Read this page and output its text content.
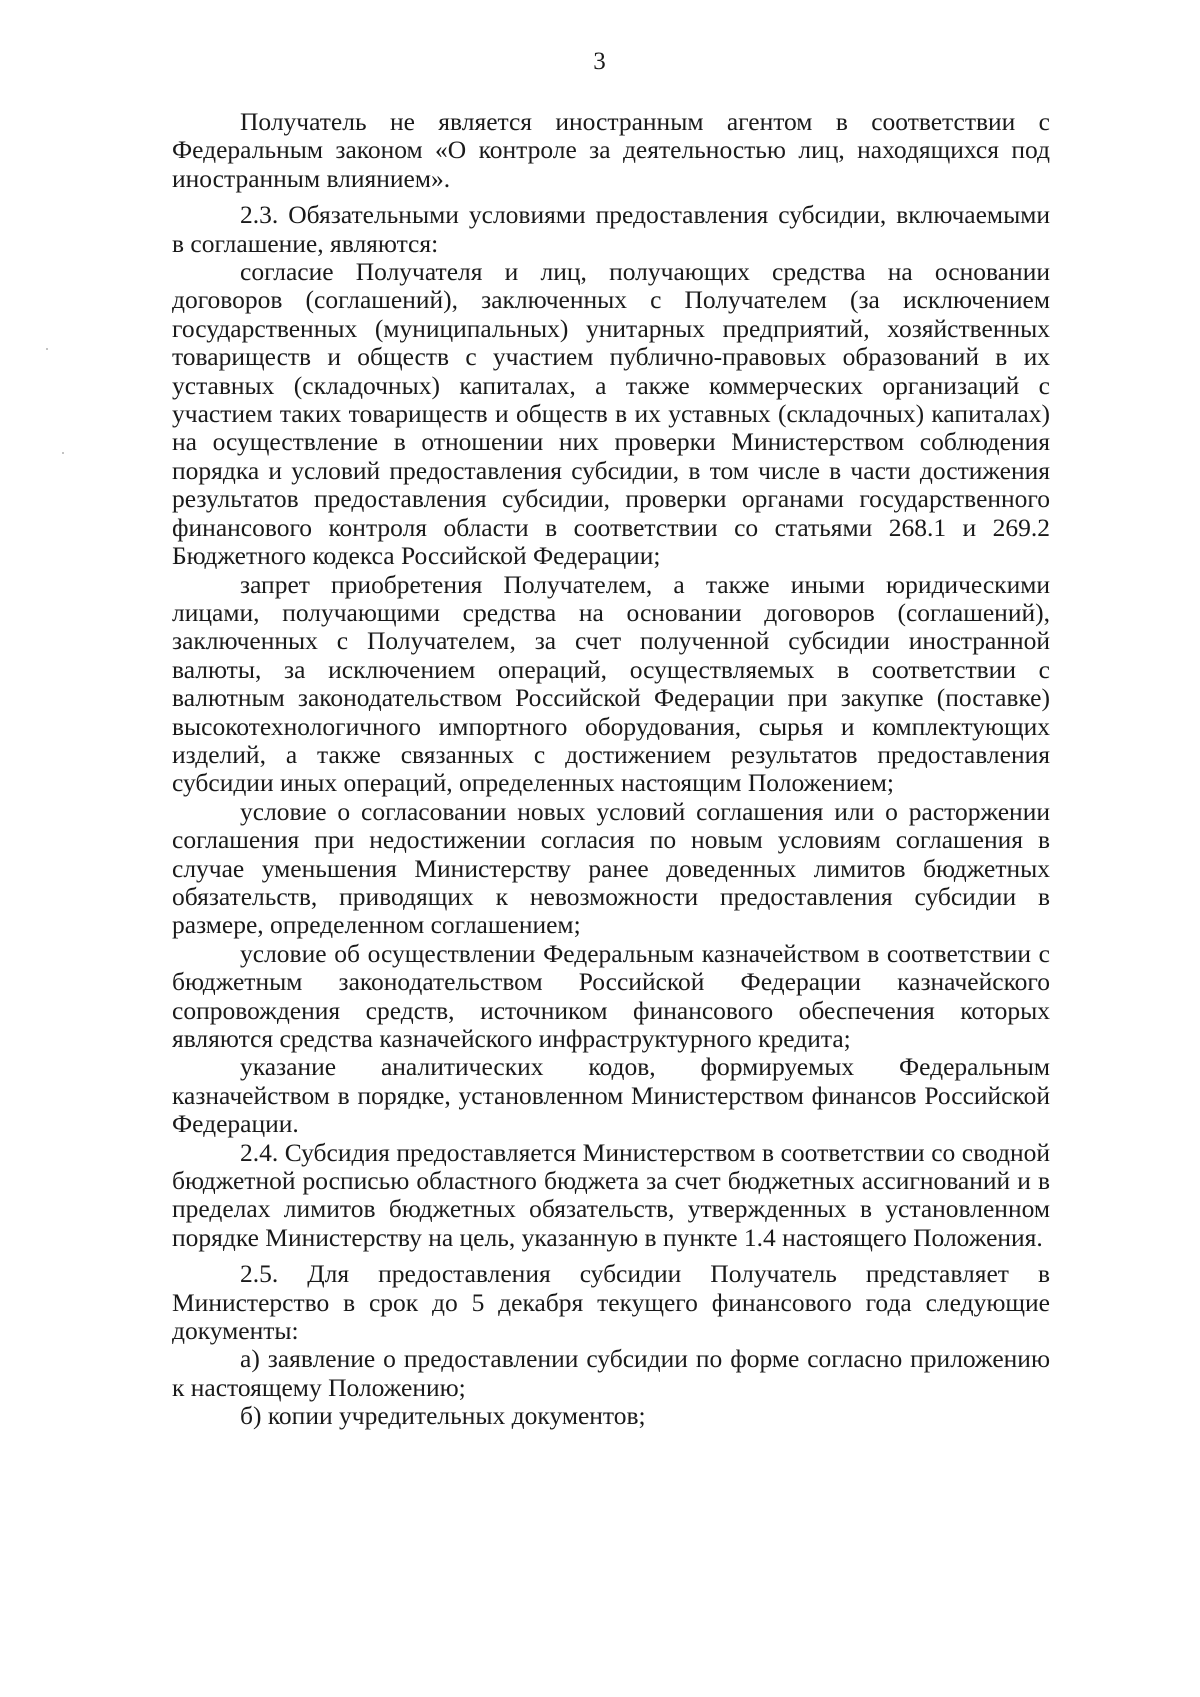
3

Получатель не является иностранным агентом в соответствии с Федеральным законом «О контроле за деятельностью лиц, находящихся под иностранным влиянием».

2.3. Обязательными условиями предоставления субсидии, включаемыми в соглашение, являются:

согласие Получателя и лиц, получающих средства на основании договоров (соглашений), заключенных с Получателем (за исключением государственных (муниципальных) унитарных предприятий, хозяйственных товариществ и обществ с участием публично-правовых образований в их уставных (складочных) капиталах, а также коммерческих организаций с участием таких товариществ и обществ в их уставных (складочных) капиталах) на осуществление в отношении них проверки Министерством соблюдения порядка и условий предоставления субсидии, в том числе в части достижения результатов предоставления субсидии, проверки органами государственного финансового контроля области в соответствии со статьями 268.1 и 269.2 Бюджетного кодекса Российской Федерации;

запрет приобретения Получателем, а также иными юридическими лицами, получающими средства на основании договоров (соглашений), заключенных с Получателем, за счет полученной субсидии иностранной валюты, за исключением операций, осуществляемых в соответствии с валютным законодательством Российской Федерации при закупке (поставке) высокотехнологичного импортного оборудования, сырья и комплектующих изделий, а также связанных с достижением результатов предоставления субсидии иных операций, определенных настоящим Положением;

условие о согласовании новых условий соглашения или о расторжении соглашения при недостижении согласия по новым условиям соглашения в случае уменьшения Министерству ранее доведенных лимитов бюджетных обязательств, приводящих к невозможности предоставления субсидии в размере, определенном соглашением;

условие об осуществлении Федеральным казначейством в соответствии с бюджетным законодательством Российской Федерации казначейского сопровождения средств, источником финансового обеспечения которых являются средства казначейского инфраструктурного кредита;

указание аналитических кодов, формируемых Федеральным казначейством в порядке, установленном Министерством финансов Российской Федерации.

2.4. Субсидия предоставляется Министерством в соответствии со сводной бюджетной росписью областного бюджета за счет бюджетных ассигнований и в пределах лимитов бюджетных обязательств, утвержденных в установленном порядке Министерству на цель, указанную в пункте 1.4 настоящего Положения.

2.5. Для предоставления субсидии Получатель представляет в Министерство в срок до 5 декабря текущего финансового года следующие документы:

а) заявление о предоставлении субсидии по форме согласно приложению к настоящему Положению;

б) копии учредительных документов;
